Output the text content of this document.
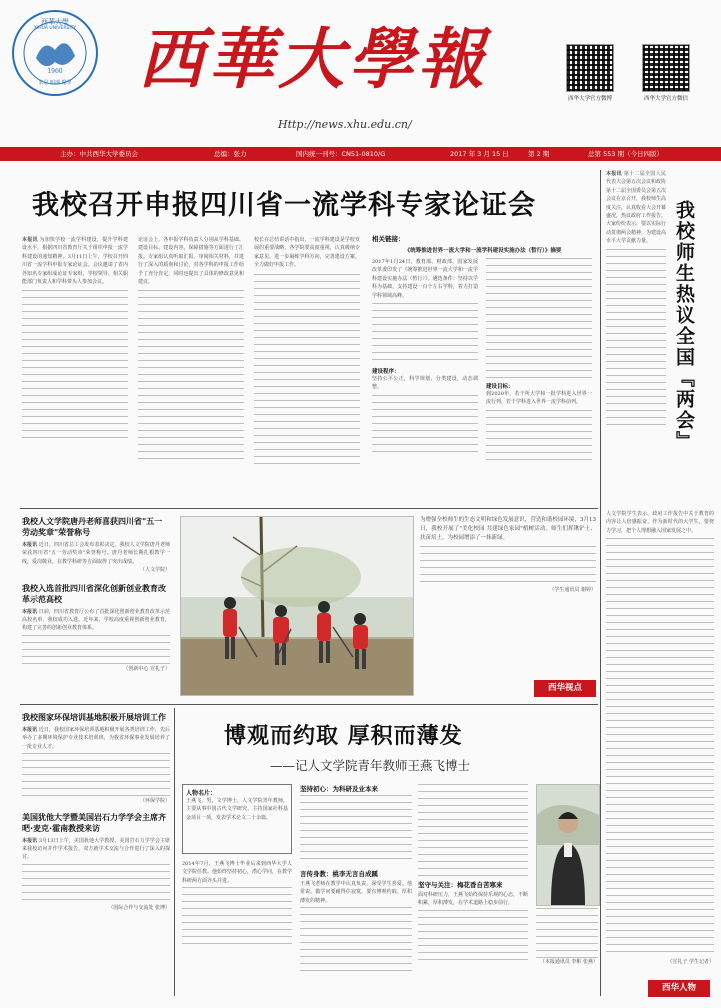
西華大學
XIHUA UNIVERSITY
1960
求是 明理 勵學	西華大學報
Http://news.xhu.edu.cn/
西华大学官方微博	西华大学官方微信
主办：中共西华大学委员会	总编：张力	国内统一刊号：CN51-0810/G	2017 年 3 月 15 日	第 2 期	总第 553 期（今日四版）
我校召开申报四川省一流学科专家论证会
本报讯 为加快学校一流学科建设，提升学科建设水平，根据四川省教育厅关于组织申报一流学科建设的通知精神，3月11日上午，学校召开四川省一流学科申报专家论证会。会议邀请了省内外知名专家组成论证专家组，学校领导、相关职能部门负责人和学科带头人参加会议。
论证会上，各申报学科负责人分别从学科基础、建设目标、建设内容、保障措施等方面进行了汇报。专家组认真听取汇报，审阅相关材料，并进行了深入的质询和讨论，对各学科的申报工作给予了充分肯定，同时也提出了具体的修改意见和建议。
校长在总结讲话中指出，一流学科建设是学校发展的重要战略，各学院要高度重视，认真吸纳专家意见，进一步凝练学科方向，完善建设方案，全力做好申报工作。
相关链接：
《统筹推进世界一流大学和一流学科建设实施办法（暂行）》摘要
2017年1月24日，教育部、财政部、国家发展改革委印发了《统筹推进世界一流大学和一流学科建设实施办法（暂行）》。遴选条件：坚持以学科为基础，支持建设一百个左右学科，着力打造学科领域高峰。
建设程序：
坚持公平公正，科学规划，分类建设，动态调整。	建设目标：
到2020年，若干所大学和一批学科进入世界一流行列，若干学科进入世界一流学科前列。	我校师生热议全国『两会』
本报讯 第十二届全国人民代表大会第五次会议和政协第十二届全国委员会第五次会议在京召开，我校师生高度关注，认真收看大会开幕盛况，热议政府工作报告。大家纷纷表示，要以实际行动贯彻两会精神，为建设高水平大学贡献力量。
人文学院学生表示，政府工作报告中关于教育的内容让人倍感振奋，作为新时代的大学生，要努力学习，把个人理想融入国家发展之中。
（宣礼子 学生记者）
我校人文学院唐丹老师喜获四川省"五一劳动奖章"荣誉称号
本报讯 近日，四川省总工会发布表彰决定，我校人文学院唐丹老师荣获四川省"五一劳动奖章"荣誉称号。唐丹老师长期扎根教学一线，爱岗敬业，在教学科研等方面取得了突出成绩。
（人文学院）
我校入选首批四川省深化创新创业教育改革示范高校
本报讯 日前，四川省教育厅公布了首批深化创新创业教育改革示范高校名单，我校成功入选。近年来，学校高度重视创新创业教育，构建了完善的创新创业教育体系。
（创新中心 宣礼子）
为增强全校师生的生态文明和绿色发展意识，营造和谐校园环境，3月13日，我校开展了"美化校园 共建绿色家园"植树活动。师生们挥锹铲土、扶苗培土，为校园增添了一抹新绿。
（学生通讯员 谢婷）
西华视点
我校图家环保培训基地积极开展培训工作
本报讯 近日，我校国家环保培训基地积极开展各类培训工作，先后举办了多期环境保护专业技术培训班，为我省环保事业发展培养了一批专业人才。
（环保学院）
美国犹他大学暨美国岩石力学学会主席齐吧·麦克·霍南教授来访
本报讯 3月13日上午，美国犹他大学教授、美国岩石力学学会主席来我校访问并作学术报告。双方就学术交流与合作进行了深入的探讨。
（国际合作与交流处 张博）
博观而约取 厚积而薄发
——记人文学院青年教师王燕飞博士
人物名片：
王燕飞，男，文学博士，人文学院青年教师，主要从事中国古代文学研究，主持国家社科基金项目一项，发表学术论文二十余篇。
2014年7月，王燕飞博士毕业后来到西华大学人文学院任教。他始终坚持初心，潜心学问，在教学科研两方面齐头并进。
坚持初心：为科研及业本来
言传身教：桃李无言自成蹊
王燕飞老师在教学中认真负责，深受学生喜爱。他常说，做学问要耐得住寂寞，要有博观约取、厚积薄发的精神。
坚守与关注：梅花香自苦寒来
面对科研压力，王燕飞始终保持乐观的心态，不断积累，厚积薄发，在学术道路上稳步前行。
（本报通讯员 李彬 张燕）
西华人物
